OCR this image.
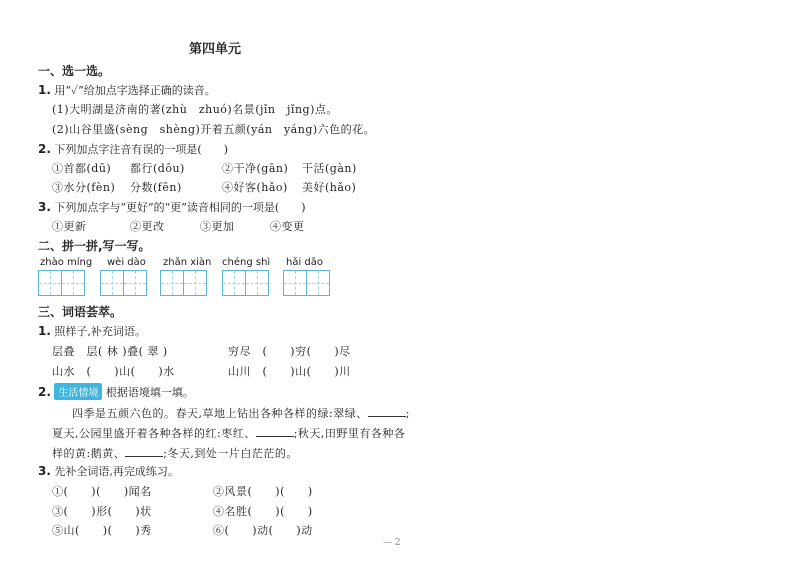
第四单元
一、选一选。
1. 用“✓”给加点字选择正确的读音。
(1)大明湖是济南的著(zhù　zhuó)名景(jǐn　jǐng)点。
(2)山谷里盛(sèng　shèng)开着五颜(yán　yáng)六色的花。
2. 下列加点字注音有误的一项是(　　)
①首都(dū) 都行(dōu)	②干净(gān) 干活(gàn)
③水分(fèn) 分数(fēn)	④好客(hǎo) 美好(hǎo)
3. 下列加点字与“更好”的“更”读音相同的一项是(　　)
①更新	②更改	③更加	④变更
二、拼一拼,写一写。
zhào míng wèi dào zhǎn xiàn chéng shì hǎi dǎo
三、词语荟萃。
1. 照样子,补充词语。
层叠　层( 林 )叠( 翠 )	穷尽　(　　)穷(　　)尽
山水　(　　)山(　　)水	山川　(　　)山(　　)川
2. 生活情境 根据语境填一填。
四季是五颜六色的。春天,草地上钻出各种各样的绿:翠绿、	;
夏天,公园里盛开着各种各样的红:枣红、	;秋天,田野里有各种各
样的黄:鹅黄、	;冬天,到处一片白茫茫的。
3. 先补全词语,再完成练习。
①(　　)(　　)闻名	②风景(　　)(　　)
③(　　)形(　　)状	④名胜(　　)(　　)
⑤山(　　)(　　)秀	⑥(　　)动(　　)动
— 2
